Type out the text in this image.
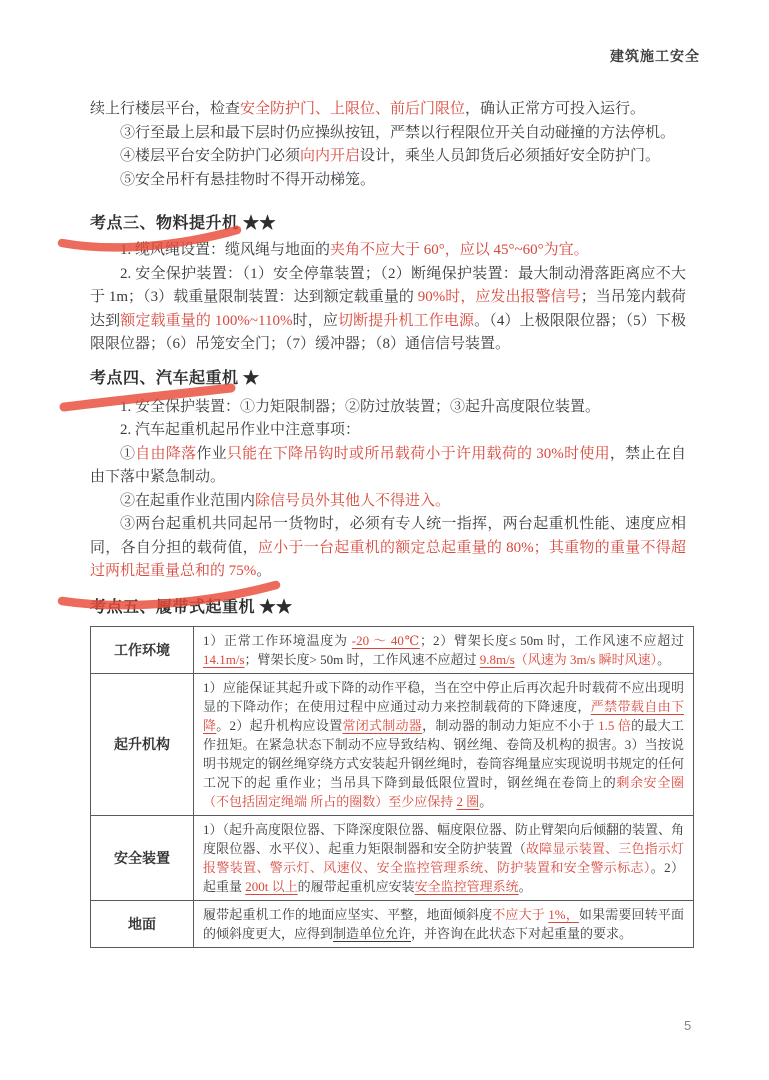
建筑施工安全

续上行楼层平台，检查安全防护门、上限位、前后门限位，确认正常方可投入运行。

③行至最上层和最下层时仍应操纵按钮，严禁以行程限位开关自动碰撞的方法停机。

④楼层平台安全防护门必须向内开启设计，乘坐人员卸货后必须插好安全防护门。

⑤安全吊杆有悬挂物时不得开动梯笼。

考点三、物料提升机 ★★

1. 缆风绳设置：缆风绳与地面的夹角不应大于 60°，应以 45°~60°为宜。

2. 安全保护装置：（1）安全停靠装置；（2）断绳保护装置：最大制动滑落距离应不大于 1m；（3）载重量限制装置：达到额定载重量的 90%时，应发出报警信号；当吊笼内载荷达到额定载重量的 100%~110%时，应切断提升机工作电源。（4）上极限限位器；（5）下极限限位器；（6）吊笼安全门；（7）缓冲器；（8）通信信号装置。

考点四、汽车起重机 ★

1. 安全保护装置：①力矩限制器；②防过放装置；③起升高度限位装置。

2. 汽车起重机起吊作业中注意事项：

①自由降落作业只能在下降吊钩时或所吊载荷小于许用载荷的 30%时使用，禁止在自由下落中紧急制动。

②在起重作业范围内除信号员外其他人不得进入。

③两台起重机共同起吊一货物时，必须有专人统一指挥，两台起重机性能、速度应相同，各自分担的载荷值，应小于一台起重机的额定总起重量的 80%；其重物的重量不得超过两机起重量总和的 75%。

考点五、履带式起重机 ★★
工作环境	1）正常工作环境温度为 -20 ～ 40℃；2）臂架长度≤ 50m 时，工作风速不应超过 14.1m/s；臂架长度> 50m 时，工作风速不应超过 9.8m/s（风速为 3m/s 瞬时风速）。
起升机构	1）应能保证其起升或下降的动作平稳，当在空中停止后再次起升时载荷不应出现明显的下降动作；在使用过程中应通过动力来控制载荷的下降速度，严禁带载自由下降。2）起升机构应设置常闭式制动器，制动器的制动力矩应不小于 1.5 倍的最大工作扭矩。在紧急状态下制动不应导致结构、钢丝绳、卷筒及机构的损害。3）当按说明书规定的钢丝绳穿绕方式安装起升钢丝绳时，卷筒容绳量应实现说明书规定的任何工况下的起 重作业；当吊具下降到最低限位置时，钢丝绳在卷筒上的剩余安全圈（不包括固定绳端 所占的圈数）至少应保持 2 圈。
安全装置	1）（起升高度限位器、下降深度限位器、幅度限位器、防止臂架向后倾翻的装置、角度限位器、水平仪）、起重力矩限制器和安全防护装置（故障显示装置、三色指示灯报警装置、警示灯、风速仪、安全监控管理系统、防护装置和安全警示标志）。2）起重量 200t 以上的履带起重机应安装安全监控管理系统。
地面	履带起重机工作的地面应坚实、平整，地面倾斜度不应大于 1%，如果需要回转平面的倾斜度更大，应得到制造单位允许，并咨询在此状态下对起重量的要求。
5
